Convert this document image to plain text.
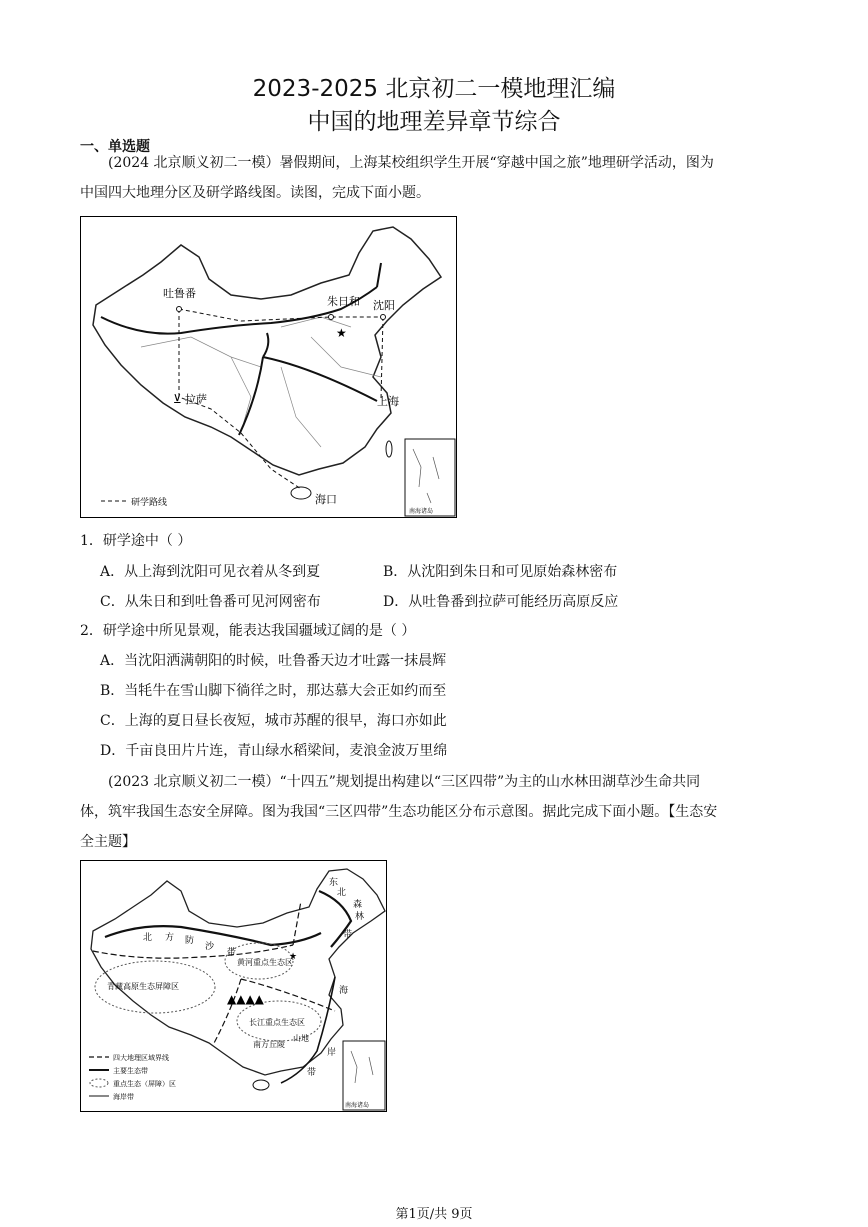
2023-2025 北京初二一模地理汇编
中国的地理差异章节综合
一、单选题
(2024 北京顺义初二一模）暑假期间，上海某校组织学生开展“穿越中国之旅”地理研学活动，图为
中国四大地理分区及研学路线图。读图，完成下面小题。
吐鲁番
朱日和 沈阳
★
⊻ 拉萨	上海
海口
研学路线
南海诸岛
1．研学途中（ ）
A．从上海到沈阳可见衣着从冬到夏	B．从沈阳到朱日和可见原始森林密布
C．从朱日和到吐鲁番可见河网密布	D．从吐鲁番到拉萨可能经历高原反应
2．研学途中所见景观，能表达我国疆域辽阔的是（ ）
A．当沈阳洒满朝阳的时候，吐鲁番天边才吐露一抹晨辉
B．当牦牛在雪山脚下徜徉之时，那达慕大会正如约而至
C．上海的夏日昼长夜短，城市苏醒的很早，海口亦如此
D．千亩良田片片连，青山绿水稻梁间，麦浪金波万里绵
(2023 北京顺义初二一模）“十四五”规划提出构建以“三区四带”为主的山水林田湖草沙生命共同
体，筑牢我国生态安全屏障。图为我国“三区四带”生态功能区分布示意图。据此完成下面小题。【生态安
全主题】
▲▲▲▲
★
北 方 防
沙
带
东
北
森
林
带
青藏高原生态屏障区
黄河重点生态区
长江重点生态区
山地
南方丘陵
海
岸
带
四大地理区域界线
主要生态带
重点生态（屏障）区
海岸带
南海诸岛
第1页/共 9页
